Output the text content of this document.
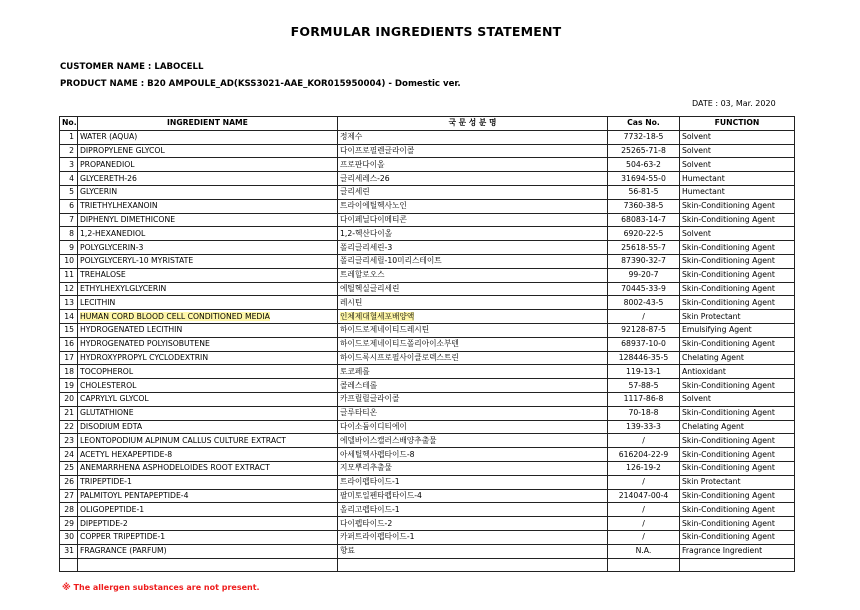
FORMULAR INGREDIENTS STATEMENT
CUSTOMER NAME : LABOCELL
PRODUCT NAME : B20 AMPOULE_AD(KSS3021-AAE_KOR015950004) - Domestic ver.
DATE : 03, Mar. 2020
No.	INGREDIENT NAME	국 문 성 분 명	Cas No.	FUNCTION
1	WATER (AQUA)	정제수	7732-18-5	Solvent
2	DIPROPYLENE GLYCOL	다이프로필렌글라이콜	25265-71-8	Solvent
3	PROPANEDIOL	프로판다이올	504-63-2	Solvent
4	GLYCERETH-26	글리세레스-26	31694-55-0	Humectant
5	GLYCERIN	글리세린	56-81-5	Humectant
6	TRIETHYLHEXANOIN	트라이에틸헥사노인	7360-38-5	Skin-Conditioning Agent
7	DIPHENYL DIMETHICONE	다이페닐다이메티콘	68083-14-7	Skin-Conditioning Agent
8	1,2-HEXANEDIOL	1,2-헥산다이올	6920-22-5	Solvent
9	POLYGLYCERIN-3	폴리글리세린-3	25618-55-7	Skin-Conditioning Agent
10	POLYGLYCERYL-10 MYRISTATE	폴리글리세릴-10미리스테이트	87390-32-7	Skin-Conditioning Agent
11	TREHALOSE	트레할로오스	99-20-7	Skin-Conditioning Agent
12	ETHYLHEXYLGLYCERIN	에틸헥실글리세린	70445-33-9	Skin-Conditioning Agent
13	LECITHIN	레시틴	8002-43-5	Skin-Conditioning Agent
14	HUMAN CORD BLOOD CELL CONDITIONED MEDIA	인체제대혈세포배양액	/	Skin Protectant
15	HYDROGENATED LECITHIN	하이드로제네이티드레시틴	92128-87-5	Emulsifying Agent
16	HYDROGENATED POLYISOBUTENE	하이드로제네이티드폴리아이소부텐	68937-10-0	Skin-Conditioning Agent
17	HYDROXYPROPYL CYCLODEXTRIN	하이드록시프로필사이클로덱스트린	128446-35-5	Chelating Agent
18	TOCOPHEROL	토코페롤	119-13-1	Antioxidant
19	CHOLESTEROL	콜레스테롤	57-88-5	Skin-Conditioning Agent
20	CAPRYLYL GLYCOL	카프릴릴글라이콜	1117-86-8	Solvent
21	GLUTATHIONE	글루타티온	70-18-8	Skin-Conditioning Agent
22	DISODIUM EDTA	다이소듐이디티에이	139-33-3	Chelating Agent
23	LEONTOPODIUM ALPINUM CALLUS CULTURE EXTRACT	에델바이스캘러스배양추출물	/	Skin-Conditioning Agent
24	ACETYL HEXAPEPTIDE-8	아세틸헥사펩타이드-8	616204-22-9	Skin-Conditioning Agent
25	ANEMARRHENA ASPHODELOIDES ROOT EXTRACT	지모뿌리추출물	126-19-2	Skin-Conditioning Agent
26	TRIPEPTIDE-1	트라이펩타이드-1	/	Skin Protectant
27	PALMITOYL PENTAPEPTIDE-4	팔미토일펜타펩타이드-4	214047-00-4	Skin-Conditioning Agent
28	OLIGOPEPTIDE-1	올리고펩타이드-1	/	Skin-Conditioning Agent
29	DIPEPTIDE-2	다이펩타이드-2	/	Skin-Conditioning Agent
30	COPPER TRIPEPTIDE-1	카퍼트라이펩타이드-1	/	Skin-Conditioning Agent
31	FRAGRANCE (PARFUM)	향료	N.A.	Fragrance Ingredient

※ The allergen substances are not present.
